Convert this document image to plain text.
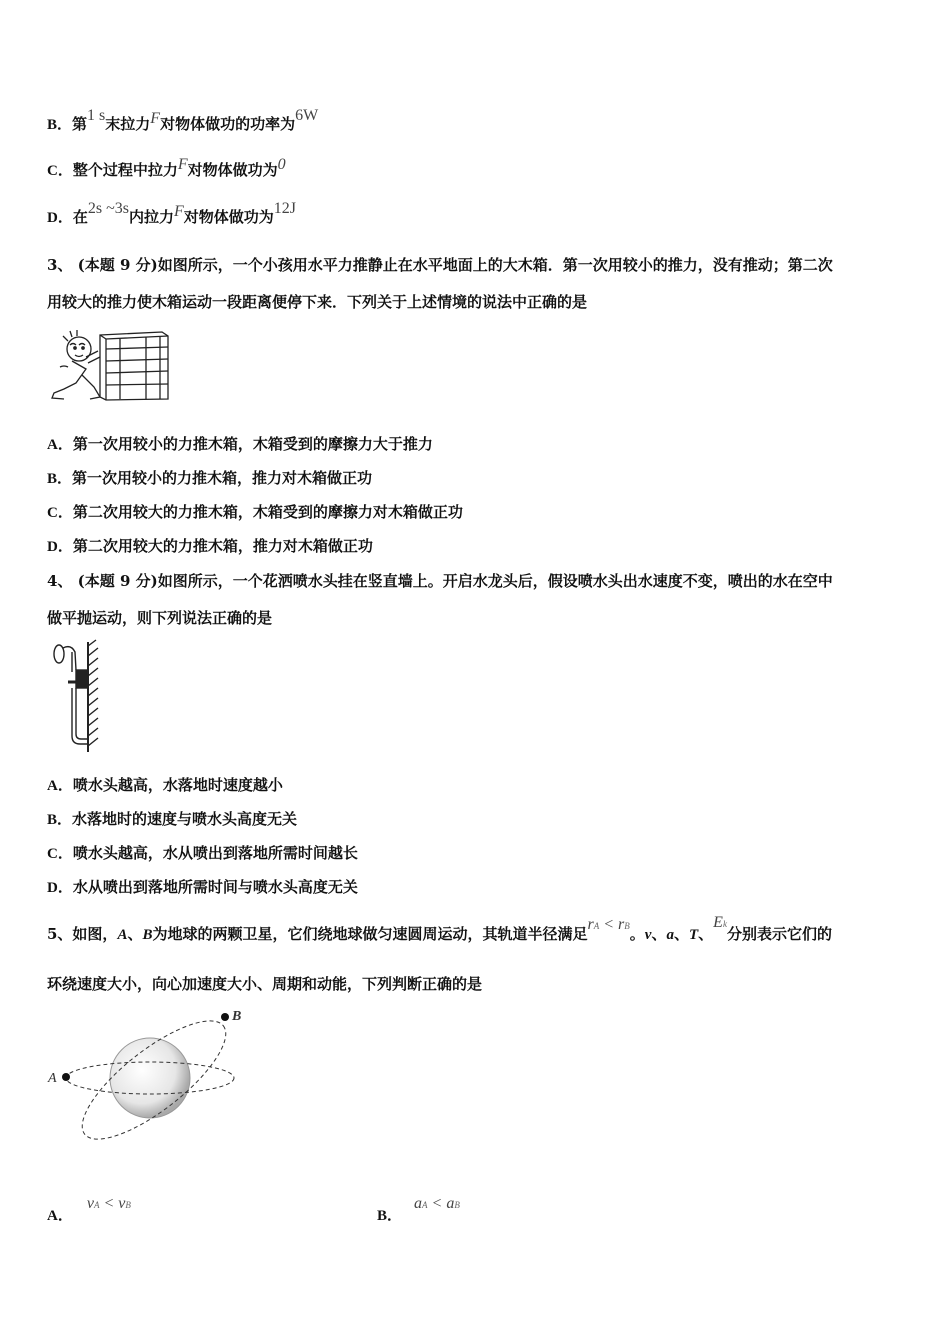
B．第1 s末拉力F对物体做功的功率为6W
C．整个过程中拉力F对物体做功为0
D．在2s ~3s内拉力F对物体做功为12J
3、 (本题 9 分)如图所示，一个小孩用水平力推静止在水平地面上的大木箱．第一次用较小的推力，没有推动；第二次
用较大的推力使木箱运动一段距离便停下来．下列关于上述情境的说法中正确的是
A．第一次用较小的力推木箱，木箱受到的摩擦力大于推力
B．第一次用较小的力推木箱，推力对木箱做正功
C．第二次用较大的力推木箱，木箱受到的摩擦力对木箱做正功
D．第二次用较大的力推木箱，推力对木箱做正功
4、 (本题 9 分)如图所示，一个花洒喷水头挂在竖直墙上。开启水龙头后，假设喷水头出水速度不变，喷出的水在空中
做平抛运动，则下列说法正确的是
A．喷水头越高，水落地时速度越小
B．水落地时的速度与喷水头高度无关
C．喷水头越高，水从喷出到落地所需时间越长
D．水从喷出到落地所需时间与喷水头高度无关
5、如图，A、B为地球的两颗卫星，它们绕地球做匀速圆周运动，其轨道半径满足rA < rB。v、a、T、Ek分别表示它们的
环绕速度大小，向心加速度大小、周期和动能，下列判断正确的是
A
B
A．vA < vB
B．aA < aB
